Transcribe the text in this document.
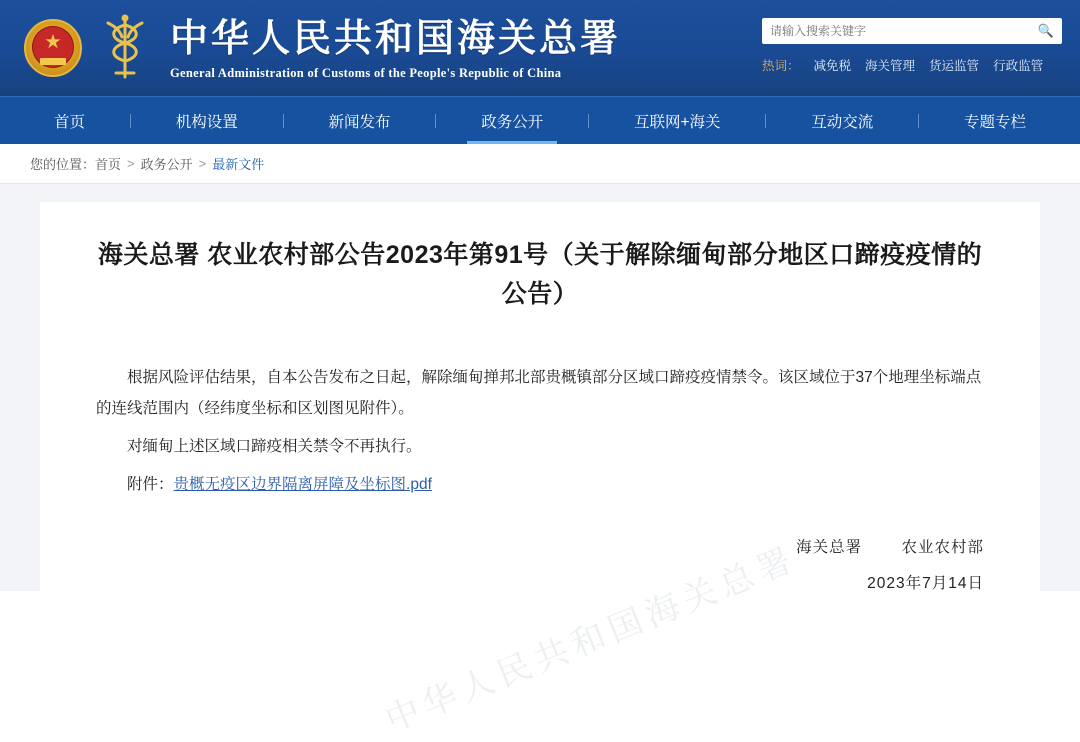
★	中华人民共和国海关总署
General Administration of Customs of the People's Republic of China
请输入搜索关键字
🔍
热词： 减免税 海关管理 货运监管 行政监管
首页	机构设置	新闻发布	政务公开	互联网+海关	互动交流	专题专栏
您的位置： 首页 > 政务公开 > 最新文件
中华人民共和国海关总署
海关总署 农业农村部公告2023年第91号（关于解除缅甸部分地区口蹄疫疫情的公告）

根据风险评估结果，自本公告发布之日起，解除缅甸掸邦北部贵概镇部分区域口蹄疫疫情禁令。该区域位于37个地理坐标端点的连线范围内（经纬度坐标和区划图见附件）。

对缅甸上述区域口蹄疫相关禁令不再执行。

附件：贵概无疫区边界隔离屏障及坐标图.pdf
海关总署	农业农村部
2023年7月14日
